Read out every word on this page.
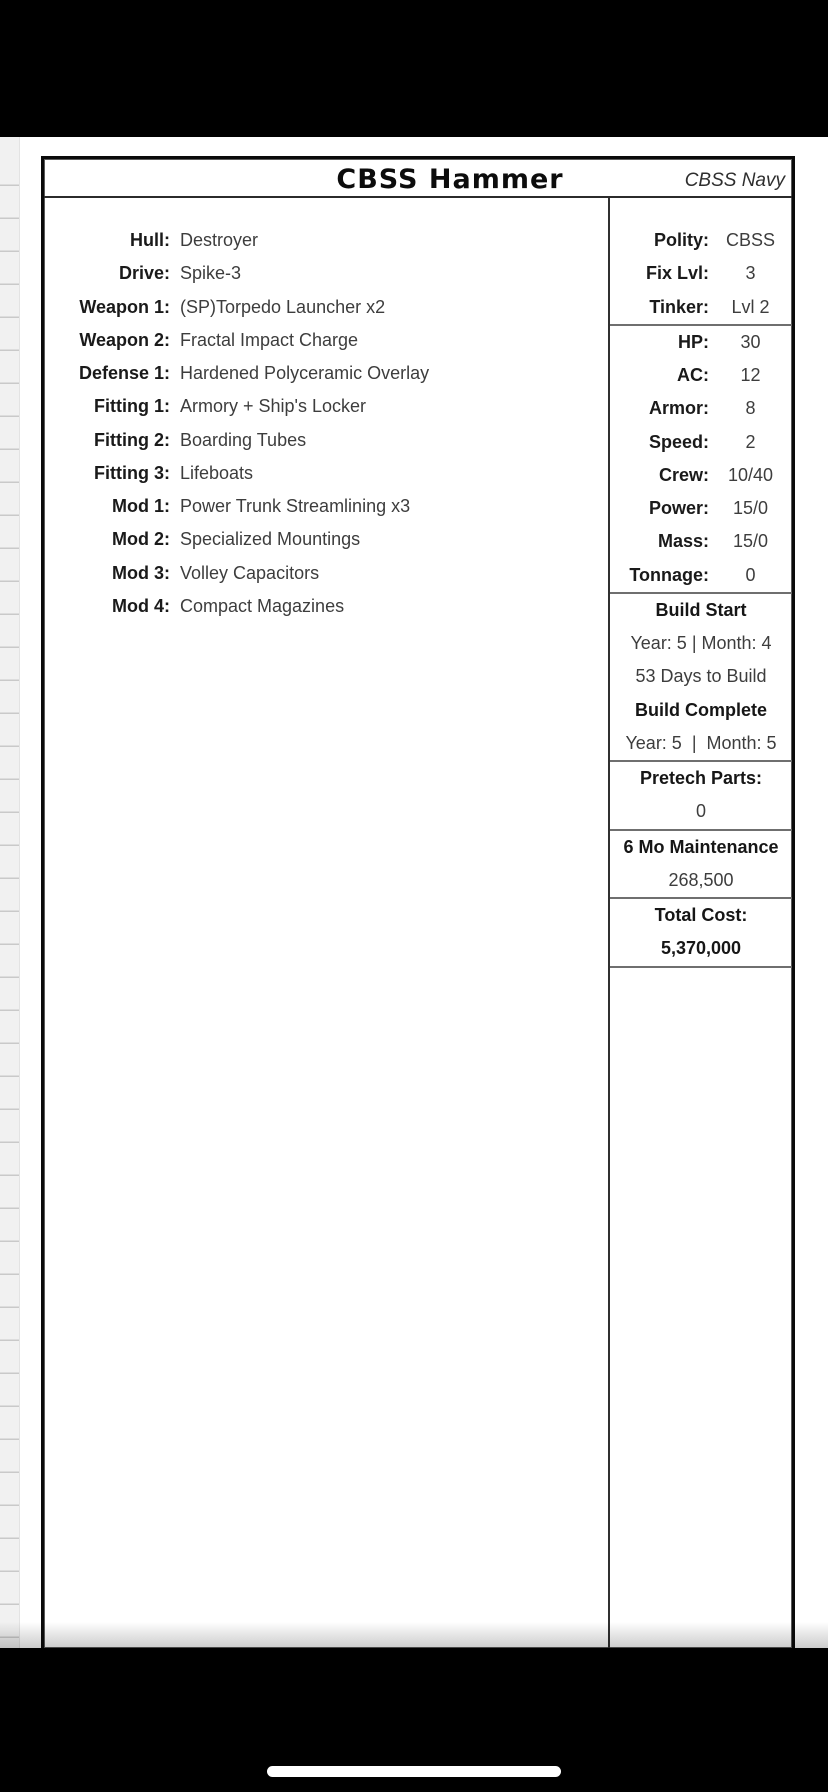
CBSS Hammer	CBSS Navy
Hull: Destroyer
Drive: Spike-3
Weapon 1: (SP)Torpedo Launcher x2
Weapon 2: Fractal Impact Charge
Defense 1: Hardened Polyceramic Overlay
Fitting 1: Armory + Ship's Locker
Fitting 2: Boarding Tubes
Fitting 3: Lifeboats
Mod 1: Power Trunk Streamlining x3
Mod 2: Specialized Mountings
Mod 3: Volley Capacitors
Mod 4: Compact Magazines
Polity: CBSS
Fix Lvl:	3
Tinker:	Lvl 2
HP:	30
AC:	12
Armor:	8
Speed:	2
Crew:	10/40
Power:	15/0
Mass:	15/0
Tonnage:	0
Build Start
Year: 5 | Month: 4
53 Days to Build
Build Complete
Year: 5  |  Month: 5
Pretech Parts:
0
6 Mo Maintenance
268,500
Total Cost:
5,370,000
